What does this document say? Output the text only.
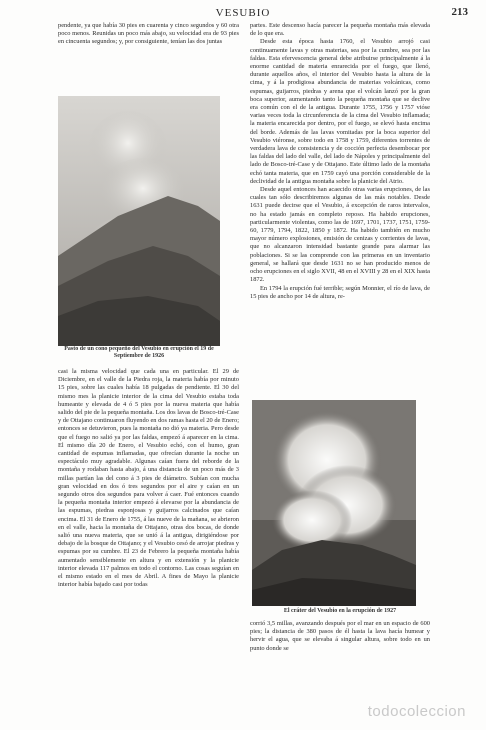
VESUBIO	213

pendente, ya que había 30 pies en cuarenta y cinco segundos y 60 otra poco menos. Reunidas un poco más abajo, su velocidad era de 93 pies en cincuenta segundos; y, por consiguiente, tenían las dos juntas

Pasto de un cono pequeño del Vesubio en erupción el 19 de Septiembre de 1926

casi la misma velocidad que cada una en particular. El 29 de Diciembre, en el valle de la Piedra roja, la materia había por minuto 15 pies, sobre las cuales había 18 pulgadas de pendiente. El 30 del mismo mes la planicie interior de la cima del Vesubio estaba toda humeante y elevada de 4 ó 5 pies por la nueva materia que había salido del pie de la pequeña montaña. Los dos lavas de Bosco-tré-Case y de Ottajano continuaron fluyendo en dos ramas hasta el 20 de Enero; entonces se detuvieron, pues la montaña no dió ya materia. Pero desde que el fuego no salió ya por las faldas, empezó á aparecer en la cima. El mismo día 20 de Enero, el Vesubio echó, con el humo, gran cantidad de espumas inflamadas, que ofrecían durante la noche un espectáculo muy agradable. Algunas caían fuera del reborde de la montaña y rodaban hasta abajo, á una distancia de un poco más de 3 millas partían las del cono á 3 pies de diámetro. Subían con mucha gran velocidad en dos ó tres segundos por el aire y caían en un segundo otros dos segundos para volver á caer. Fué entonces cuando la pequeña montaña interior empezó á elevarse por la abundancia de las espumas, piedras esponjosas y guijarros calcinados que caían encima. El 31 de Enero de 1755, á las nueve de la mañana, se abrieron en el valle, hacia la montaña de Ottajano, otras dos bocas, de donde salió una nueva materia, que se unió á la antigua, dirigiéndose por debajo de la bosque de Ottajano; y el Vesubio cesó de arrojar piedras y espumas por su cumbre. El 23 de Febrero la pequeña montaña había aumentado sensiblemente en altura y en extensión y la planicie interior elevada 117 palmos en todo el contorno. Las cosas seguían en el mismo estado en el mes de Abril. A fines de Mayo la planicie interior había bajado casi por todas

partes. Este descenso hacía parecer la pequeña montaña más elevada de lo que era.

Desde esta época hasta 1760, el Vesubio arrojó casi continuamente lavas y otras materias, sea por la cumbre, sea por las faldas. Esta efervescencia general debe atribuirse principalmente á la enorme cantidad de materia enrarecida por el fuego, que llenó, durante aquellos años, el interior del Vesubio hasta la altura de la cima, y á la prodigiosa abundancia de materias volcánicas, como espumas, guijarros, piedras y arena que el volcán lanzó por la gran boca superior, aumentando tanto la pequeña montaña que se declive era común con el de la antigua. Durante 1755, 1756 y 1757 vióse varias veces toda la circunferencia de la cima del Vesubio inflamada; la materia encarecida por dentro, por el fuego, se elevó hasta encima del borde. Además de las lavas vomitadas por la boca superior del Vesubio viéronse, sobre todo en 1758 y 1759, diferentes torrentes de verdadera lava de consistencia y de cocción perfecta desembocar por las faldas del lado del valle, del lado de Nápoles y principalmente del lado de Bosco-tré-Case y de Ottajano. Este último lado de la montaña echó tanta materia, que en 1759 cayó una porción considerable de la declividad de la antigua montaña sobre la planicie del Atrio.

Desde aquel entonces han acaecido otras varias erupciones, de las cuales tan sólo describiremos algunas de las más notables. Desde 1631 puede decirse que el Vesubio, á excepción de raros intervalos, no ha estado jamás en completo reposo. Ha habido erupciones, particularmente violentas, como las de 1697, 1701, 1737, 1751, 1759-60, 1779, 1794, 1822, 1850 y 1872. Ha habido también en mucho mayor número explosiones, emisión de cenizas y corrientes de lavas, que no alcanzaron intensidad bastante grande para alarmar las poblaciones. Si se las comprende con las primeras en un inventario general, se hallará que desde 1631 no se han producido menos de ocho erupciones en el siglo XVII, 48 en el XVIII y 28 en el XIX hasta 1872.

En 1794 la erupción fué terrible; según Monnier, el río de lava, de 15 pies de ancho por 14 de altura, re-

El cráter del Vesubio en la erupción de 1927

corrió 3,5 millas, avanzando después por el mar en un espacio de 600 pies; la distancia de 380 pasos de él hasta la lava hacía humear y hervir el agua, que se elevaba á singular altura, sobre todo en un punto donde se

todocoleccion
